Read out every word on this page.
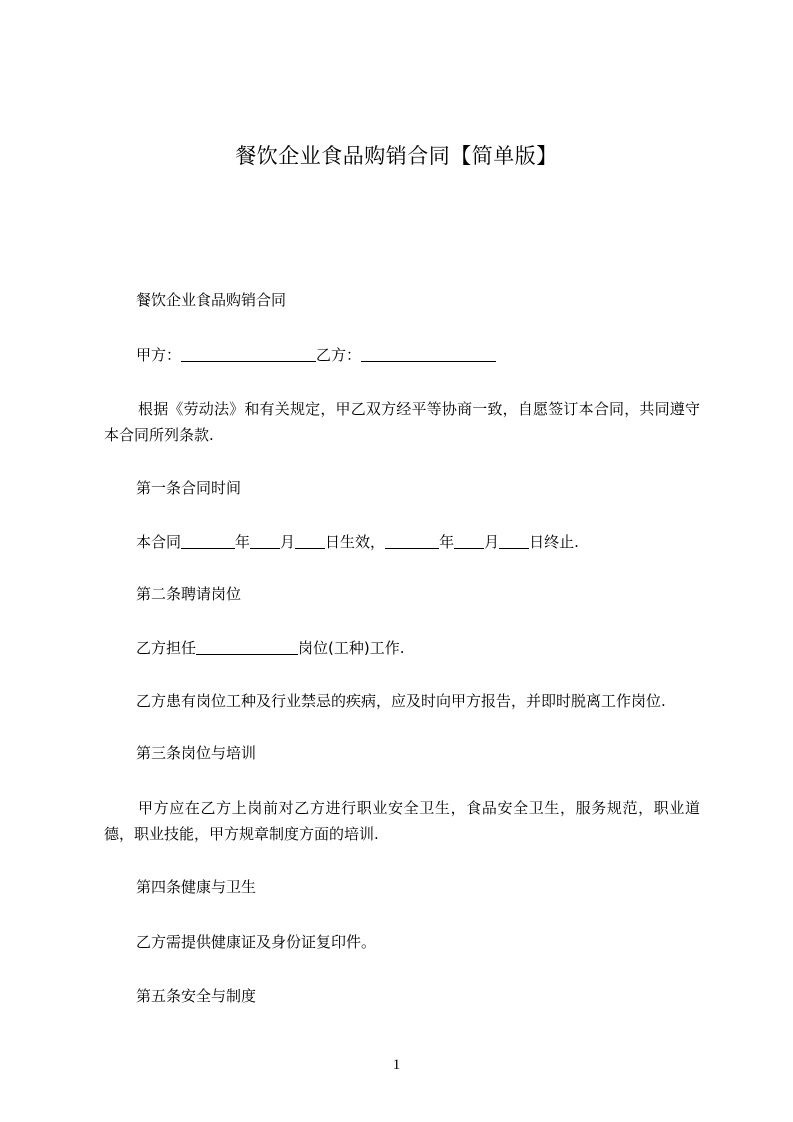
餐饮企业食品购销合同【简单版】
餐饮企业食品购销合同
甲方：	乙方：
根据《劳动法》和有关规定，甲乙双方经平等协商一致，自愿签订本合同，共同遵守本合同所列条款.
第一条合同时间
本合同	年 月 日生效，	年 月 日终止.
第二条聘请岗位
乙方担任	岗位(工种)工作.
乙方患有岗位工种及行业禁忌的疾病，应及时向甲方报告，并即时脱离工作岗位.
第三条岗位与培训
甲方应在乙方上岗前对乙方进行职业安全卫生，食品安全卫生，服务规范，职业道德，职业技能，甲方规章制度方面的培训.
第四条健康与卫生
乙方需提供健康证及身份证复印件。
第五条安全与制度
1
